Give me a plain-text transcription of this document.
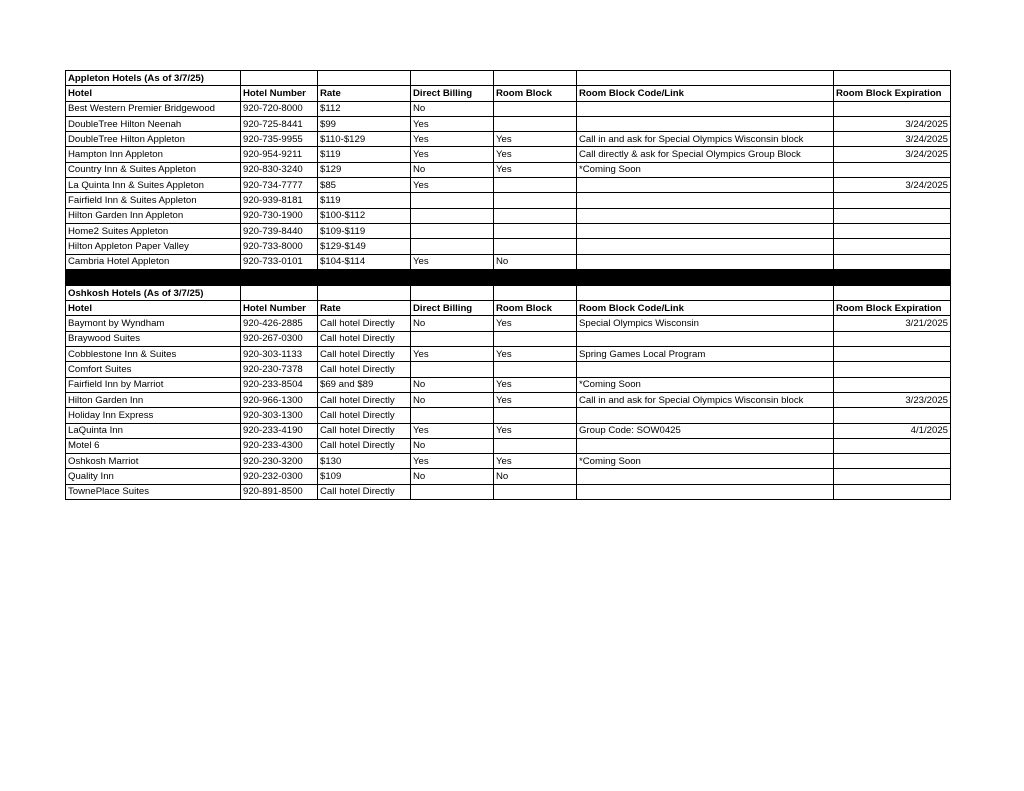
Appleton Hotels (As of 3/7/25)						
Hotel	Hotel Number	Rate	Direct Billing	Room Block	Room Block Code/Link	Room Block Expiration
Best Western Premier Bridgewood	920-720-8000	$112	No			
DoubleTree Hilton Neenah	920-725-8441	$99	Yes			3/24/2025
DoubleTree Hilton Appleton	920-735-9955	$110-$129	Yes	Yes	Call in and ask for Special Olympics Wisconsin block	3/24/2025
Hampton Inn Appleton	920-954-9211	$119	Yes	Yes	Call directly & ask for Special Olympics Group Block	3/24/2025
Country Inn & Suites Appleton	920-830-3240	$129	No	Yes	*Coming Soon	
La Quinta Inn & Suites Appleton	920-734-7777	$85	Yes			3/24/2025
Fairfield Inn & Suites Appleton	920-939-8181	$119				
Hilton Garden Inn Appleton	920-730-1900	$100-$112				
Home2 Suites Appleton	920-739-8440	$109-$119				
Hilton Appleton Paper Valley	920-733-8000	$129-$149				
Cambria Hotel Appleton	920-733-0101	$104-$114	Yes	No		

Oshkosh Hotels (As of 3/7/25)						
Hotel	Hotel Number	Rate	Direct Billing	Room Block	Room Block Code/Link	Room Block Expiration
Baymont by Wyndham	920-426-2885	Call hotel Directly	No	Yes	Special Olympics Wisconsin	3/21/2025
Braywood Suites	920-267-0300	Call hotel Directly				
Cobblestone Inn & Suites	920-303-1133	Call hotel Directly	Yes	Yes	Spring Games Local Program	
Comfort Suites	920-230-7378	Call hotel Directly				
Fairfield Inn by Marriot	920-233-8504	$69 and $89	No	Yes	*Coming Soon	
Hilton Garden Inn	920-966-1300	Call hotel Directly	No	Yes	Call in and ask for Special Olympics Wisconsin block	3/23/2025
Holiday Inn Express	920-303-1300	Call hotel Directly				
LaQuinta Inn	920-233-4190	Call hotel Directly	Yes	Yes	Group Code: SOW0425	4/1/2025
Motel 6	920-233-4300	Call hotel Directly	No			
Oshkosh Marriot	920-230-3200	$130	Yes	Yes	*Coming Soon	
Quality Inn	920-232-0300	$109	No	No		
TownePlace Suites	920-891-8500	Call hotel Directly				
